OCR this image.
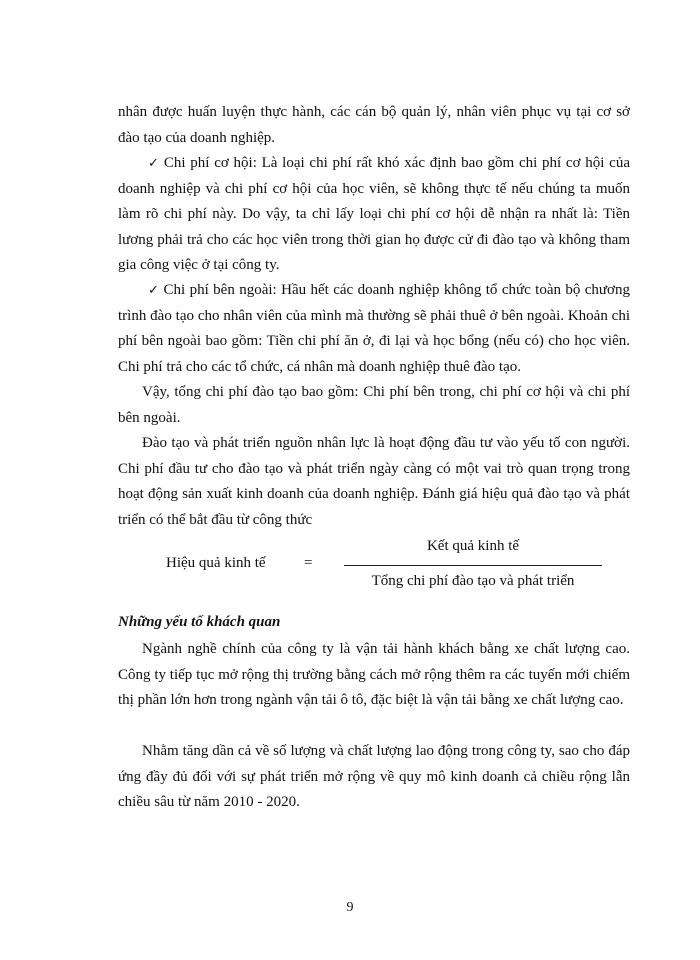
nhân được huấn luyện thực hành, các cán bộ quản lý, nhân viên phục vụ tại cơ sở đào tạo của doanh nghiệp.

✓ Chi phí cơ hội: Là loại chi phí rất khó xác định bao gồm chi phí cơ hội của doanh nghiệp và chi phí cơ hội của học viên, sẽ không thực tế nếu chúng ta muốn làm rõ chi phí này. Do vậy, ta chỉ lấy loại chi phí cơ hội dễ nhận ra nhất là: Tiền lương phải trả cho các học viên trong thời gian họ được cử đi đào tạo và không tham gia công việc ở tại công ty.

✓ Chi phí bên ngoài: Hầu hết các doanh nghiệp không tổ chức toàn bộ chương trình đào tạo cho nhân viên của mình mà thường sẽ phải thuê ở bên ngoài. Khoản chi phí bên ngoài bao gồm: Tiền chi phí ăn ở, đi lại và học bổng (nếu có) cho học viên. Chi phí trả cho các tổ chức, cá nhân mà doanh nghiệp thuê đào tạo.

Vậy, tổng chi phí đào tạo bao gồm: Chi phí bên trong, chi phí cơ hội và chi phí bên ngoài.

Đào tạo và phát triển nguồn nhân lực là hoạt động đầu tư vào yếu tố con người. Chi phí đầu tư cho đào tạo và phát triển ngày càng có một vai trò quan trọng trong hoạt động sản xuất kinh doanh của doanh nghiệp. Đánh giá hiệu quả đào tạo và phát triển có thể bắt đầu từ công thức

Hiệu quả kinh tế	=
Kết quả kinh tế
Tổng chi phí đào tạo và phát triển

Những yếu tố khách quan

Ngành nghề chính của công ty là vận tải hành khách bằng xe chất lượng cao. Công ty tiếp tục mở rộng thị trường bằng cách mở rộng thêm ra các tuyến mới chiếm thị phần lớn hơn trong ngành vận tải ô tô, đặc biệt là vận tải bằng xe chất lượng cao.

Nhằm tăng dần cả về số lượng và chất lượng lao động trong công ty, sao cho đáp ứng đầy đủ đối với sự phát triển mở rộng về quy mô kinh doanh cả chiều rộng lẫn chiều sâu từ năm 2010 - 2020.

9
